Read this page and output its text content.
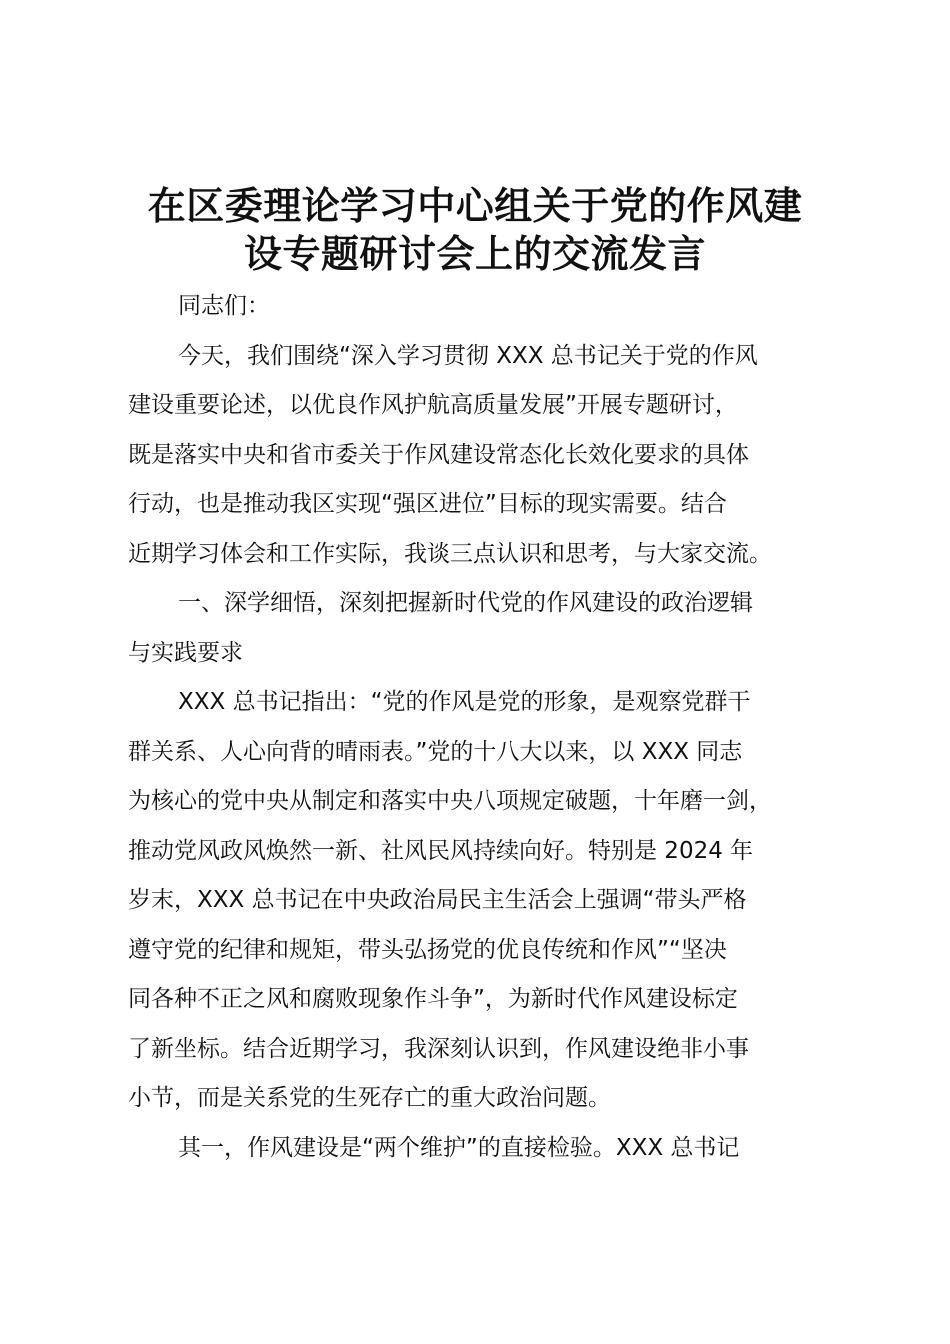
在区委理论学习中心组关于党的作风建
设专题研讨会上的交流发言

同志们：

今天，我们围绕“深入学习贯彻 XXX 总书记关于党的作风
建设重要论述，以优良作风护航高质量发展”开展专题研讨，
既是落实中央和省市委关于作风建设常态化长效化要求的具体
行动，也是推动我区实现“强区进位”目标的现实需要。结合
近期学习体会和工作实际，我谈三点认识和思考，与大家交流。

一、深学细悟，深刻把握新时代党的作风建设的政治逻辑
与实践要求

XXX 总书记指出：“党的作风是党的形象，是观察党群干
群关系、人心向背的晴雨表。”党的十八大以来，以 XXX 同志
为核心的党中央从制定和落实中央八项规定破题，十年磨一剑，
推动党风政风焕然一新、社风民风持续向好。特别是 2024 年
岁末，XXX 总书记在中央政治局民主生活会上强调“带头严格
遵守党的纪律和规矩，带头弘扬党的优良传统和作风”“坚决
同各种不正之风和腐败现象作斗争”，为新时代作风建设标定
了新坐标。结合近期学习，我深刻认识到，作风建设绝非小事
小节，而是关系党的生死存亡的重大政治问题。

其一，作风建设是“两个维护”的直接检验。XXX 总书记
